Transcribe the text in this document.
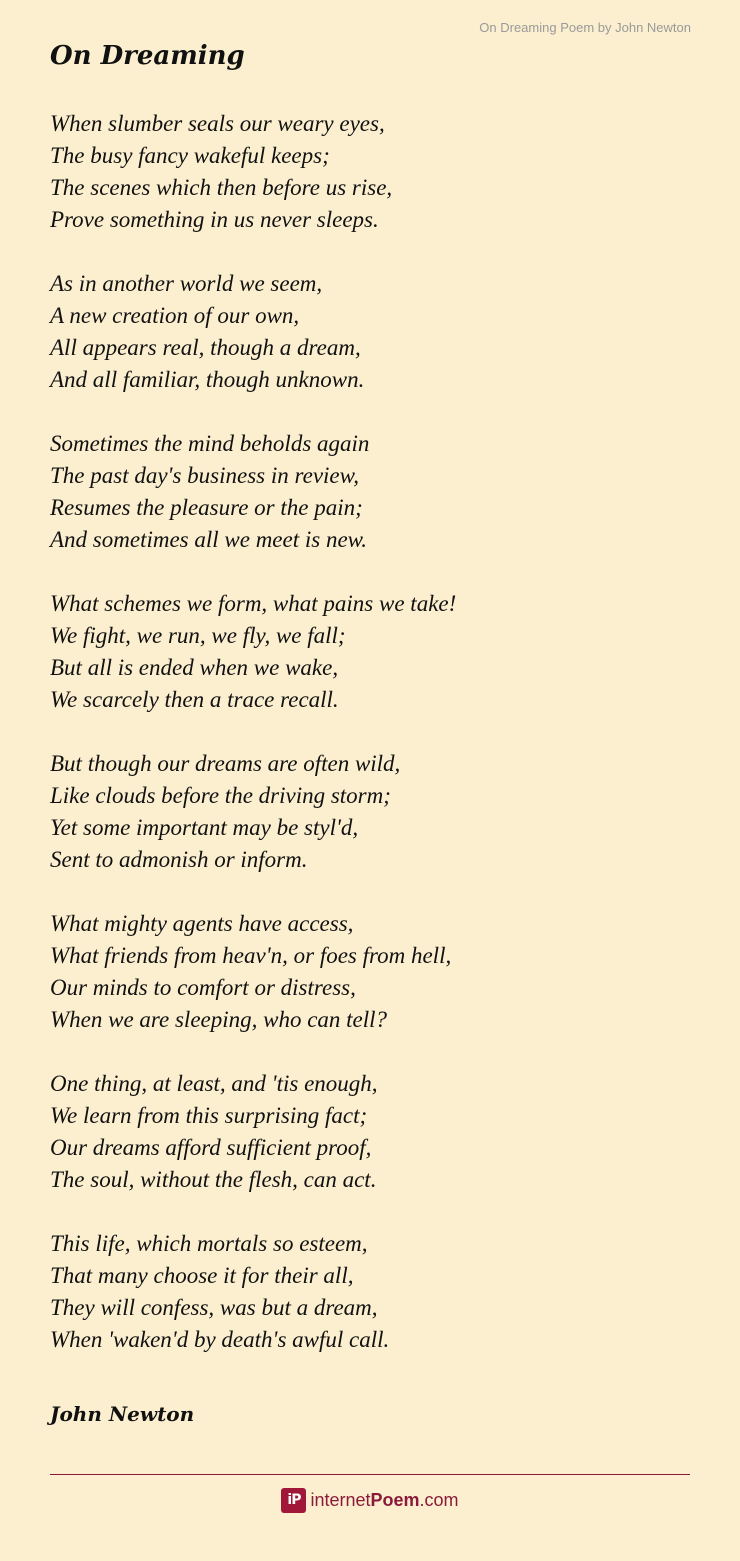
On Dreaming Poem by John Newton
On Dreaming
When slumber seals our weary eyes,
The busy fancy wakeful keeps;
The scenes which then before us rise,
Prove something in us never sleeps.
As in another world we seem,
A new creation of our own,
All appears real, though a dream,
And all familiar, though unknown.
Sometimes the mind beholds again
The past day's business in review,
Resumes the pleasure or the pain;
And sometimes all we meet is new.
What schemes we form, what pains we take!
We fight, we run, we fly, we fall;
But all is ended when we wake,
We scarcely then a trace recall.
But though our dreams are often wild,
Like clouds before the driving storm;
Yet some important may be styl'd,
Sent to admonish or inform.
What mighty agents have access,
What friends from heav'n, or foes from hell,
Our minds to comfort or distress,
When we are sleeping, who can tell?
One thing, at least, and 'tis enough,
We learn from this surprising fact;
Our dreams afford sufficient proof,
The soul, without the flesh, can act.
This life, which mortals so esteem,
That many choose it for their all,
They will confess, was but a dream,
When 'waken'd by death's awful call.
John Newton
iP internet Poem .com
